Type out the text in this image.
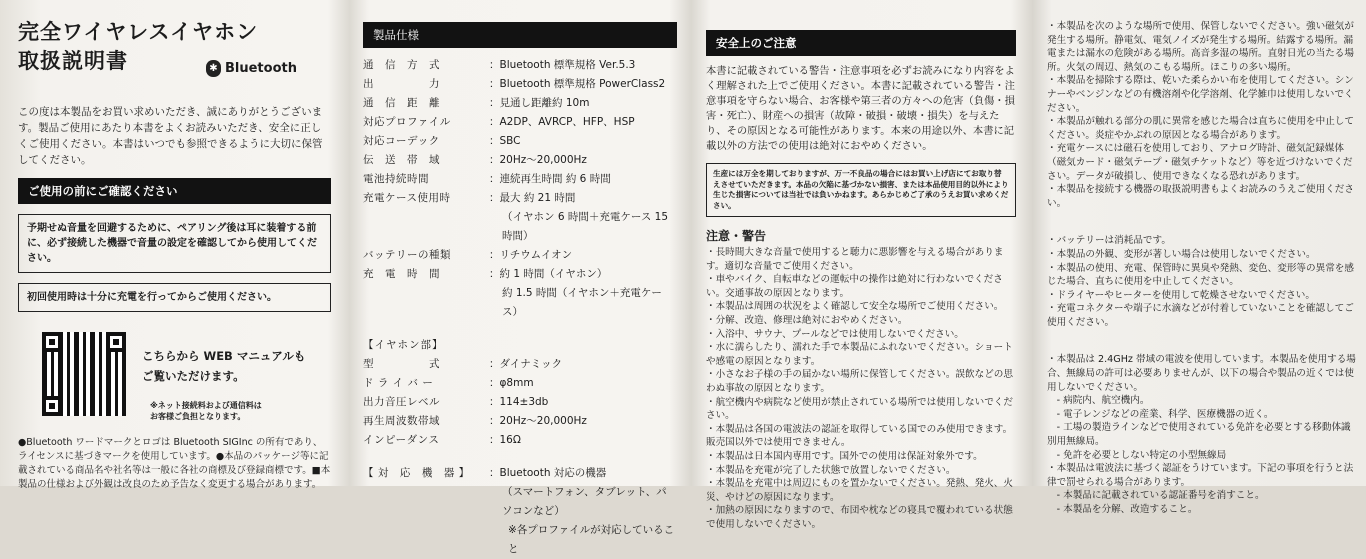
完全ワイヤレスイヤホン
取扱説明書	✱ Bluetooth
この度は本製品をお買い求めいただき、誠にありがとうございます。製品ご使用にあたり本書をよくお読みいただき、安全に正しくご使用ください。本書はいつでも参照できるように大切に保管してください。
ご使用の前にご確認ください
予期せぬ音量を回避するために、ペアリング後は耳に装着する前に、必ず接続した機器で音量の設定を確認してから使用してください。
初回使用時は十分に充電を行ってからご使用ください。
こちらから WEB マニュアルも
ご覧いただけます。
※ネット接続料および通信料は
お客様ご負担となります。
●Bluetooth ワードマークとロゴは Bluetooth SIGInc の所有であり、ライセンスに基づきマークを使用しています。●本品のパッケージ等に記載されている商品名や社名等は一般に各社の商標及び登録商標です。■本製品の仕様および外観は改良のため予告なく変更する場合があります。
製品仕様
通　信　方　式	：Bluetooth 標準規格 Ver.5.3
出　　　　　力	：Bluetooth 標準規格 PowerClass2
通　信　距　離	：見通し距離約 10m
対応プロファイル	：A2DP、AVRCP、HFP、HSP
対応コーデック	：SBC
伝　送　帯　域	：20Hz〜20,000Hz
電池持続時間	：連続再生時間 約 6 時間
充電ケース使用時	：最大 約 21 時間
（イヤホン 6 時間＋充電ケース 15 時間）
バッテリーの種類	：リチウムイオン
充　電　時　間	：約 1 時間（イヤホン）
約 1.5 時間（イヤホン＋充電ケース）
【イヤホン部】
型　　　　　式	：ダイナミック
ド ラ イ バ ー	：φ8mm
出力音圧レベル	：114±3db
再生周波数帯域	：20Hz〜20,000Hz
インピーダンス	：16Ω
【 対　応　機　器 】	：Bluetooth 対応の機器
（スマートフォン、タブレット、パソコンなど）
※各プロファイルが対応していること
安全上のご注意
本書に記載されている警告・注意事項を必ずお読みになり内容をよく理解された上でご使用ください。本書に記載されている警告・注意事項を守らない場合、お客様や第三者の方々への危害（負傷・損害・死亡）、財産への損害（故障・破損・破壊・損失）を与えたり、その原因となる可能性があります。本来の用途以外、本書に記載以外の方法での使用は絶対におやめください。
生産には万全を期しておりますが、万一不良品の場合にはお買い上げ店にてお取り替えさせていただきます。本品の欠陥に基づかない損害、または本品使用目的以外により生じた損害については当社では負いかねます。あらかじめご了承のうえお買い求めください。
注意・警告
・長時間大きな音量で使用すると聴力に悪影響を与える場合があります。適切な音量でご使用ください。
・車やバイク、自転車などの運転中の操作は絶対に行わないでください。交通事故の原因となります。
・本製品は周囲の状況をよく確認して安全な場所でご使用ください。
・分解、改造、修理は絶対におやめください。
・入浴中、サウナ、プールなどでは使用しないでください。
・水に濡らしたり、濡れた手で本製品にふれないでください。ショートや感電の原因となります。
・小さなお子様の手の届かない場所に保管してください。誤飲などの思わぬ事故の原因となります。
・航空機内や病院など使用が禁止されている場所では使用しないでください。
・本製品は各国の電波法の認証を取得している国でのみ使用できます。販売国以外では使用できません。
・本製品は日本国内専用です。国外での使用は保証対象外です。
・本製品を充電が完了した状態で放置しないでください。
・本製品を充電中は周辺にものを置かないでください。発熱、発火、火災、やけどの原因になります。
・加熱の原因になりますので、布団や枕などの寝具で覆われている状態で使用しないでください。
・本製品を次のような場所で使用、保管しないでください。強い磁気が発生する場所。静電気、電気ノイズが発生する場所。結露する場所。漏電または漏水の危険がある場所。高音多湿の場所。直射日光の当たる場所。火気の周辺、熱気のこもる場所。ほこりの多い場所。
・本製品を掃除する際は、乾いた柔らかい布を使用してください。シンナーやベンジンなどの有機溶剤や化学溶剤、化学雑巾は使用しないでください。
・本製品が触れる部分の肌に異常を感じた場合は直ちに使用を中止してください。炎症やかぶれの原因となる場合があります。
・充電ケースには磁石を使用しており、アナログ時計、磁気記録媒体（磁気カード・磁気テープ・磁気チケットなど）等を近づけないでください。データが破損し、使用できなくなる恐れがあります。
・本製品を接続する機器の取扱説明書もよくお読みのうえご使用ください。
・バッテリーは消耗品です。
・本製品の外観、変形が著しい場合は使用しないでください。
・本製品の使用、充電、保管時に異臭や発熱、変色、変形等の異常を感じた場合、直ちに使用を中止してください。
・ドライヤーやヒーターを使用して乾燥させないでください。
・充電コネクターや端子に水滴などが付着していないことを確認してご使用ください。
・本製品は 2.4GHz 帯域の電波を使用しています。本製品を使用する場合、無線局の許可は必要ありませんが、以下の場合や製品の近くでは使用しないでください。
　- 病院内、航空機内。
　- 電子レンジなどの産業、科学、医療機器の近く。
　- 工場の製造ラインなどで使用されている免許を必要とする移動体識別用無線局。
　- 免許を必要としない特定の小型無線局
・本製品は電波法に基づく認証をうけています。下記の事項を行うと法律で罰せられる場合があります。
　- 本製品に記載されている認証番号を消すこと。
　- 本製品を分解、改造すること。
